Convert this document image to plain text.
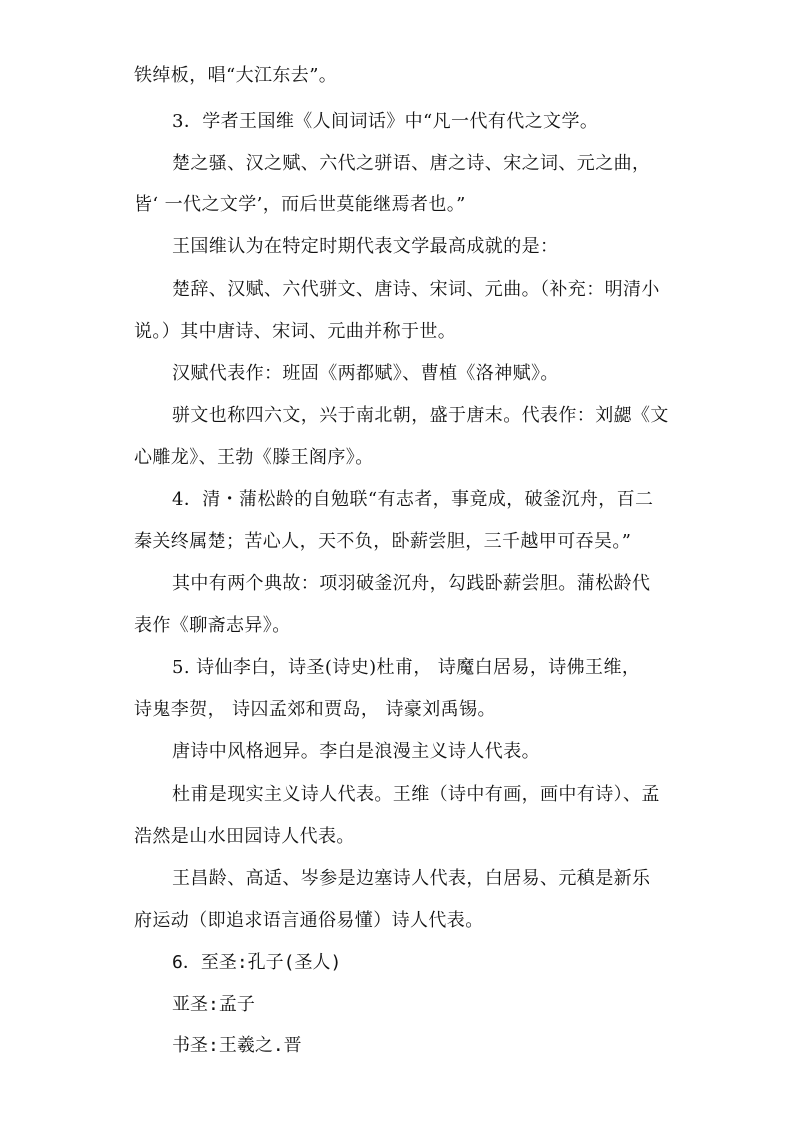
铁绰板，唱“大江东去”。
3．学者王国维《人间词话》中“凡一代有代之文学。
楚之骚、汉之赋、六代之骈语、唐之诗、宋之词、元之曲，
皆‘ 一代之文学’，而后世莫能继焉者也。”
王国维认为在特定时期代表文学最高成就的是：
楚辞、汉赋、六代骈文、唐诗、宋词、元曲。（补充：明清小
说。）其中唐诗、宋词、元曲并称于世。
汉赋代表作：班固《两都赋》、曹植《洛神赋》。
骈文也称四六文，兴于南北朝，盛于唐末。代表作：刘勰《文
心雕龙》、王勃《滕王阁序》。
4．清・蒲松龄的自勉联“有志者，事竟成，破釜沉舟，百二
秦关终属楚；苦心人，天不负，卧薪尝胆，三千越甲可吞吴。”
其中有两个典故：项羽破釜沉舟，勾践卧薪尝胆。蒲松龄代
表作《聊斋志异》。
5. 诗仙李白，诗圣(诗史)杜甫， 诗魔白居易，诗佛王维，
诗鬼李贺， 诗囚孟郊和贾岛， 诗豪刘禹锡。
唐诗中风格迥异。李白是浪漫主义诗人代表。
杜甫是现实主义诗人代表。王维（诗中有画，画中有诗）、孟
浩然是山水田园诗人代表。
王昌龄、高适、岑参是边塞诗人代表，白居易、元稹是新乐
府运动（即追求语言通俗易懂）诗人代表。
6．至圣:孔子(圣人)
亚圣:孟子
书圣:王羲之.晋
